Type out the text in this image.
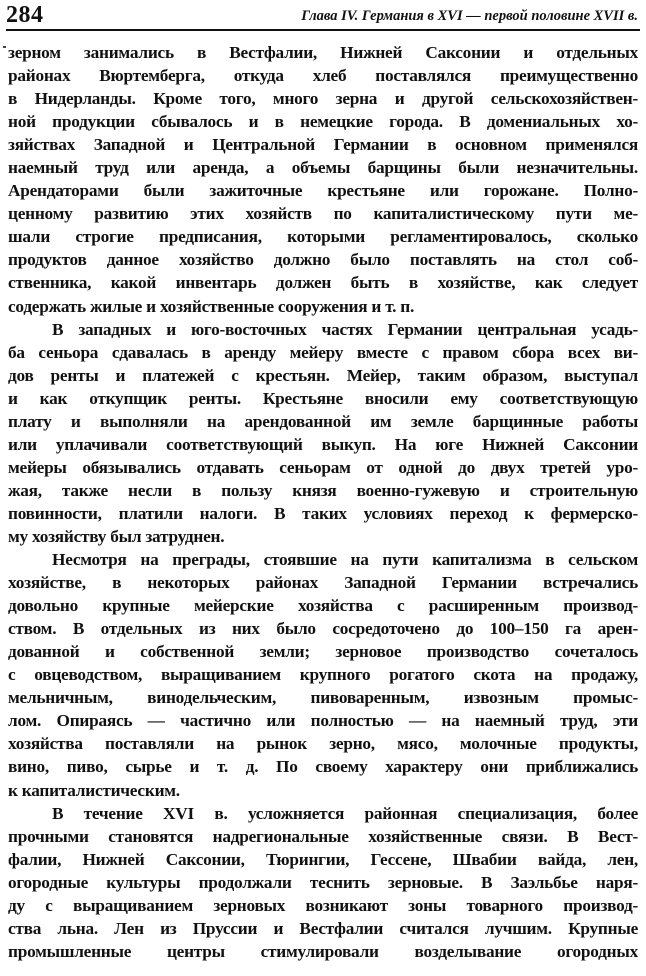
284	Глава IV. Германия в XVI — первой половине XVII в.
зерном занимались в Вестфалии, Нижней Саксонии и отдельных
районах Вюртемберга, откуда хлеб поставлялся преимущественно
в Нидерланды. Кроме того, много зерна и другой сельскохозяйствен-
ной продукции сбывалось и в немецкие города. В домениальных хо-
зяйствах Западной и Центральной Германии в основном применялся
наемный труд или аренда, а объемы барщины были незначительны.
Арендаторами были зажиточные крестьяне или горожане. Полно-
ценному развитию этих хозяйств по капиталистическому пути ме-
шали строгие предписания, которыми регламентировалось, сколько
продуктов данное хозяйство должно было поставлять на стол соб-
ственника, какой инвентарь должен быть в хозяйстве, как следует
содержать жилые и хозяйственные сооружения и т. п.
В западных и юго-восточных частях Германии центральная усадь-
ба сеньора сдавалась в аренду мейеру вместе с правом сбора всех ви-
дов ренты и платежей с крестьян. Мейер, таким образом, выступал
и как откупщик ренты. Крестьяне вносили ему соответствующую
плату и выполняли на арендованной им земле барщинные работы
или уплачивали соответствующий выкуп. На юге Нижней Саксонии
мейеры обязывались отдавать сеньорам от одной до двух третей уро-
жая, также несли в пользу князя военно-гужевую и строительную
повинности, платили налоги. В таких условиях переход к фермерско-
му хозяйству был затруднен.
Несмотря на преграды, стоявшие на пути капитализма в сельском
хозяйстве, в некоторых районах Западной Германии встречались
довольно крупные мейерские хозяйства с расширенным производ-
ством. В отдельных из них было сосредоточено до 100–150 га арен-
дованной и собственной земли; зерновое производство сочеталось
с овцеводством, выращиванием крупного рогатого скота на продажу,
мельничным, винодельческим, пивоваренным, извозным промыс-
лом. Опираясь — частично или полностью — на наемный труд, эти
хозяйства поставляли на рынок зерно, мясо, молочные продукты,
вино, пиво, сырье и т. д. По своему характеру они приближались
к капиталистическим.
В течение XVI в. усложняется районная специализация, более
прочными становятся надрегиональные хозяйственные связи. В Вест-
фалии, Нижней Саксонии, Тюрингии, Гессене, Швабии вайда, лен,
огородные культуры продолжали теснить зерновые. В Заэльбье наря-
ду с выращиванием зерновых возникают зоны товарного производ-
ства льна. Лен из Пруссии и Вестфалии считался лучшим. Крупные
промышленные центры стимулировали возделывание огородных
